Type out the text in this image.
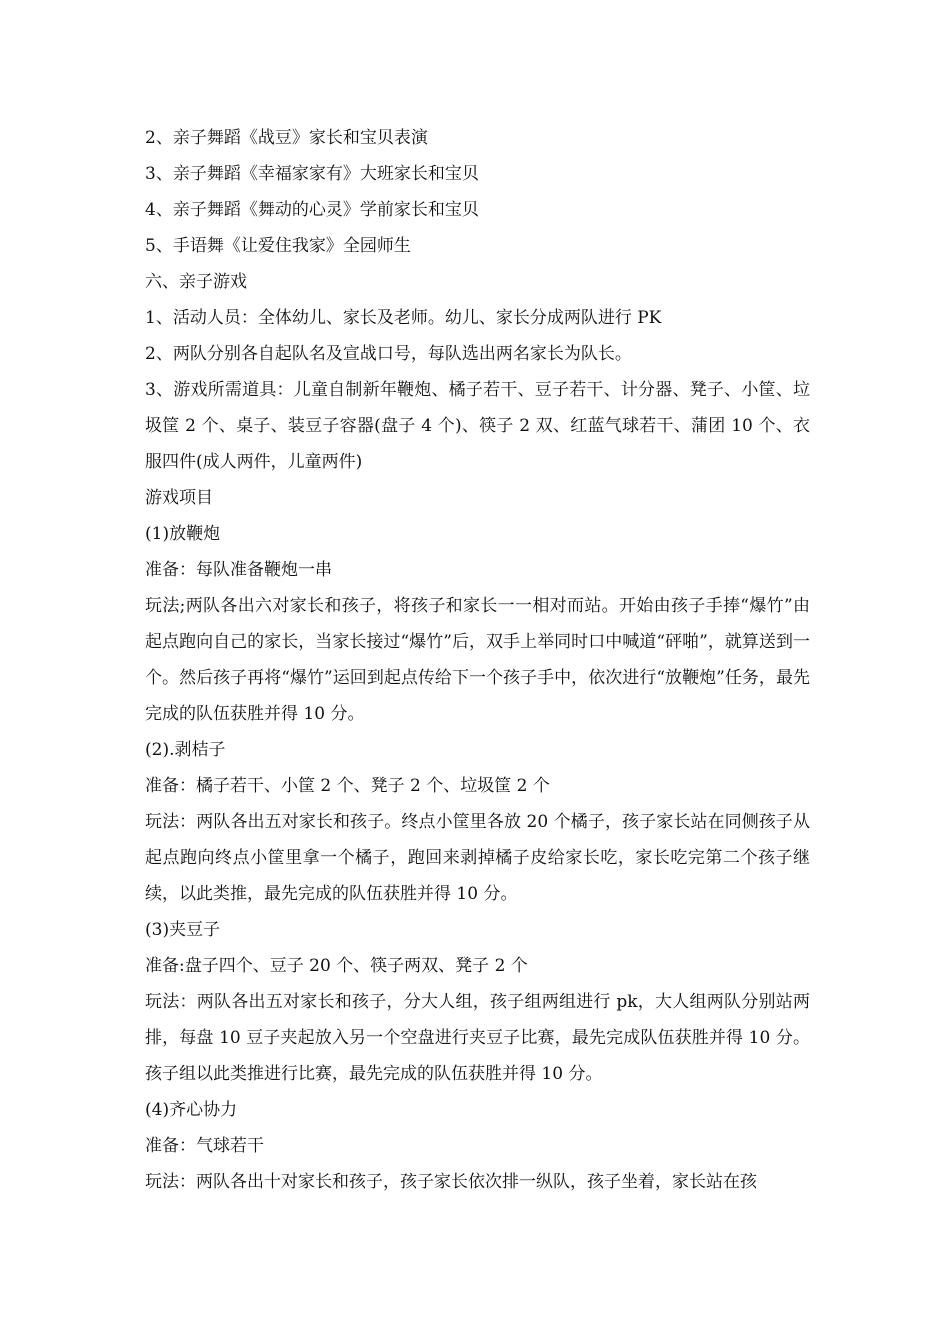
2、亲子舞蹈《战豆》家长和宝贝表演

3、亲子舞蹈《幸福家家有》大班家长和宝贝

4、亲子舞蹈《舞动的心灵》学前家长和宝贝

5、手语舞《让爱住我家》全园师生

六、亲子游戏

1、活动人员：全体幼儿、家长及老师。幼儿、家长分成两队进行 PK

2、两队分别各自起队名及宣战口号，每队选出两名家长为队长。

3、游戏所需道具：儿童自制新年鞭炮、橘子若干、豆子若干、计分器、凳子、小筐、垃圾筐 2 个、桌子、装豆子容器(盘子 4 个)、筷子 2 双、红蓝气球若干、蒲团 10 个、衣服四件(成人两件，儿童两件)

游戏项目

(1)放鞭炮

准备：每队准备鞭炮一串

玩法;两队各出六对家长和孩子，将孩子和家长一一相对而站。开始由孩子手捧“爆竹”由起点跑向自己的家长，当家长接过“爆竹”后，双手上举同时口中喊道“砰啪”，就算送到一个。然后孩子再将“爆竹”运回到起点传给下一个孩子手中，依次进行“放鞭炮”任务，最先完成的队伍获胜并得 10 分。

(2).剥桔子

准备：橘子若干、小筐 2 个、凳子 2 个、垃圾筐 2 个

玩法：两队各出五对家长和孩子。终点小筐里各放 20 个橘子，孩子家长站在同侧孩子从起点跑向终点小筐里拿一个橘子，跑回来剥掉橘子皮给家长吃，家长吃完第二个孩子继续，以此类推，最先完成的队伍获胜并得 10 分。

(3)夹豆子

准备:盘子四个、豆子 20 个、筷子两双、凳子 2 个

玩法：两队各出五对家长和孩子，分大人组，孩子组两组进行 pk，大人组两队分别站两排，每盘 10 豆子夹起放入另一个空盘进行夹豆子比赛，最先完成队伍获胜并得 10 分。孩子组以此类推进行比赛，最先完成的队伍获胜并得 10 分。

(4)齐心协力

准备：气球若干

玩法：两队各出十对家长和孩子，孩子家长依次排一纵队，孩子坐着，家长站在孩
